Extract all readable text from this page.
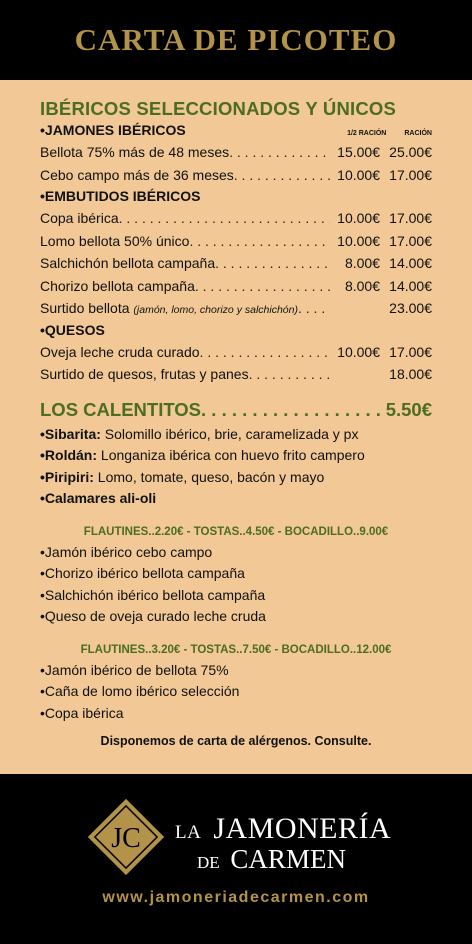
CARTA DE PICOTEO
IBÉRICOS SELECCIONADOS Y ÚNICOS
•JAMONES IBÉRICOS	1/2 RACIÓN	RACIÓN
Bellota 75% más de 48 meses . . .	15.00€ 25.00€
Cebo campo más de 36 meses . . .	10.00€ 17.00€
•EMBUTIDOS IBÉRICOS
Copa ibérica . . .	10.00€ 17.00€
Lomo bellota 50% único . . .	10.00€ 17.00€
Salchichón bellota campaña . . .	8.00€ 14.00€
Chorizo bellota campaña . . .	8.00€ 14.00€
Surtido bellota (jamón, lomo, chorizo y salchichón) . . .	23.00€
•QUESOS
Oveja leche cruda curado . . .	10.00€ 17.00€
Surtido de quesos, frutas y panes . . .	18.00€
LOS CALENTITOS . . .	5.50€
•Sibarita: Solomillo ibérico, brie, caramelizada y px
•Roldán: Longaniza ibérica con huevo frito campero
•Piripiri: Lomo, tomate, queso, bacón y mayo
•Calamares ali-oli
FLAUTINES..2.20€ - TOSTAS..4.50€ - BOCADILLO..9.00€
•Jamón ibérico cebo campo
•Chorizo ibérico bellota campaña
•Salchichón ibérico bellota campaña
•Queso de oveja curado leche cruda
FLAUTINES..3.20€ - TOSTAS..7.50€ - BOCADILLO..12.00€
•Jamón ibérico de bellota 75%
•Caña de lomo ibérico selección
•Copa ibérica
Disponemos de carta de alérgenos. Consulte.
JC LA JAMONERÍA
DE CARMEN
www.jamoneriadecarmen.com
